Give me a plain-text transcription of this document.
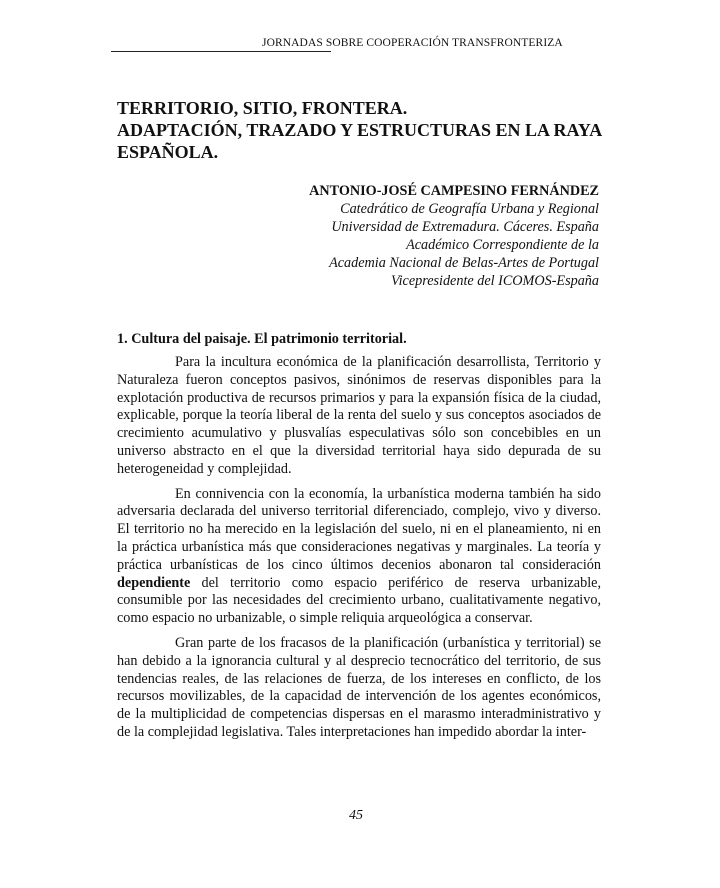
JORNADAS SOBRE COOPERACIÓN TRANSFRONTERIZA
TERRITORIO, SITIO, FRONTERA.
ADAPTACIÓN, TRAZADO Y ESTRUCTURAS EN LA RAYA
ESPAÑOLA.
ANTONIO-JOSÉ CAMPESINO FERNÁNDEZ
Catedrático de Geografía Urbana y Regional
Universidad de Extremadura. Cáceres. España
Académico Correspondiente de la
Academia Nacional de Belas-Artes de Portugal
Vicepresidente del ICOMOS-España
1. Cultura del paisaje. El patrimonio territorial.

Para la incultura económica de la planificación desarrollista, Territorio y Naturaleza fueron conceptos pasivos, sinónimos de reservas disponibles para la explotación productiva de recursos primarios y para la expansión física de la ciudad, explicable, porque la teoría liberal de la renta del suelo y sus conceptos asociados de crecimiento acumulativo y plusvalías especulativas sólo son concebibles en un universo abstracto en el que la diversidad territorial haya sido depurada de su heterogeneidad y complejidad.

En connivencia con la economía, la urbanística moderna también ha sido adversaria declarada del universo territorial diferenciado, complejo, vivo y diverso. El territorio no ha merecido en la legislación del suelo, ni en el planeamiento, ni en la práctica urbanística más que consideraciones negativas y marginales. La teoría y práctica urbanísticas de los cinco últimos decenios abonaron tal consideración dependiente del territorio como espacio periférico de reserva urbanizable, consumible por las necesidades del crecimiento urbano, cualitativamente negativo, como espacio no urbanizable, o simple reliquia arqueológica a conservar.

Gran parte de los fracasos de la planificación (urbanística y territorial) se han debido a la ignorancia cultural y al desprecio tecnocrático del territorio, de sus tendencias reales, de las relaciones de fuerza, de los intereses en conflicto, de los recursos movilizables, de la capacidad de intervención de los agentes económicos, de la multiplicidad de competencias dispersas en el marasmo interadministrativo y de la complejidad legislativa. Tales interpretaciones han impedido abordar la inter-

45
